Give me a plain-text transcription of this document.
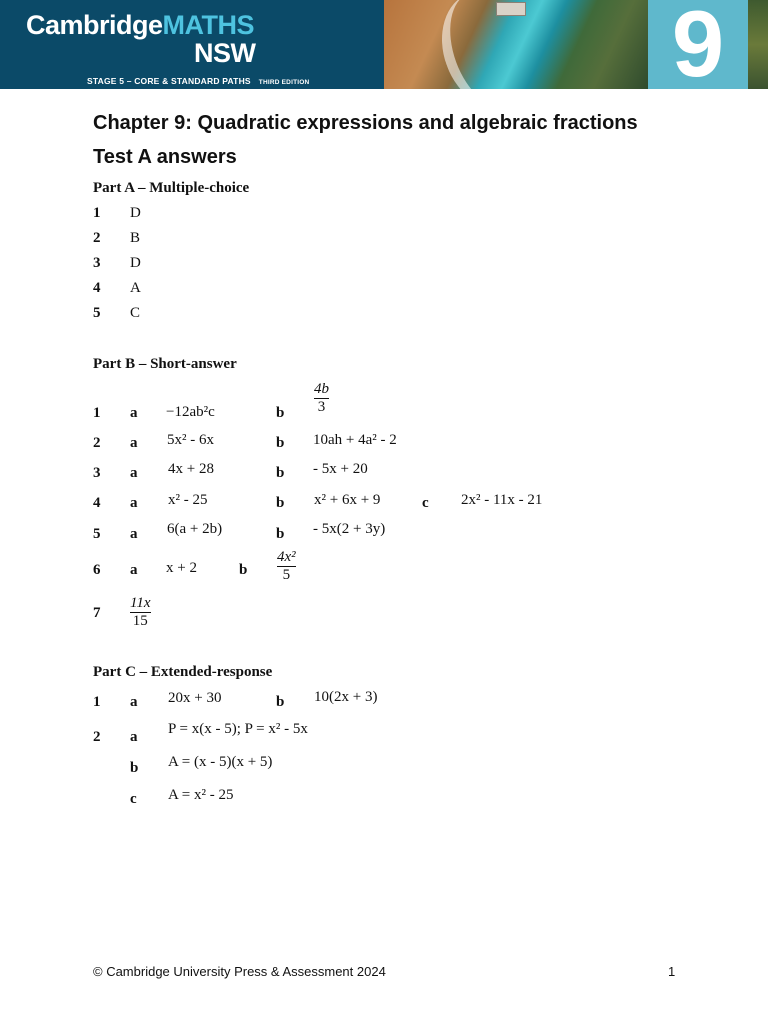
CambridgeMATHS
NSW
STAGE 5 – CORE & STANDARD PATHS THIRD EDITION	9
Chapter 9: Quadratic expressions and algebraic fractions
Test A answers
Part A – Multiple-choice
1 D
2 B
3 D
4 A
5 C
Part B – Short-answer
1 a −12ab²c	b
4b
3
2 a 5x² - 6x	b 10ah + 4a² - 2
3 a 4x + 28	b - 5x + 20
4 a x² - 25	b x² + 6x + 9	c 2x² - 11x - 21
5 a 6(a + 2b)	b - 5x(2 + 3y)
6 a x + 2	b
4x²
5
7
11x
15
Part C – Extended-response
1 a 20x + 30	b 10(2x + 3)
2 a P = x(x - 5); P = x² - 5x
b A = (x - 5)(x + 5)
c A = x² - 25
© Cambridge University Press & Assessment 2024	1
